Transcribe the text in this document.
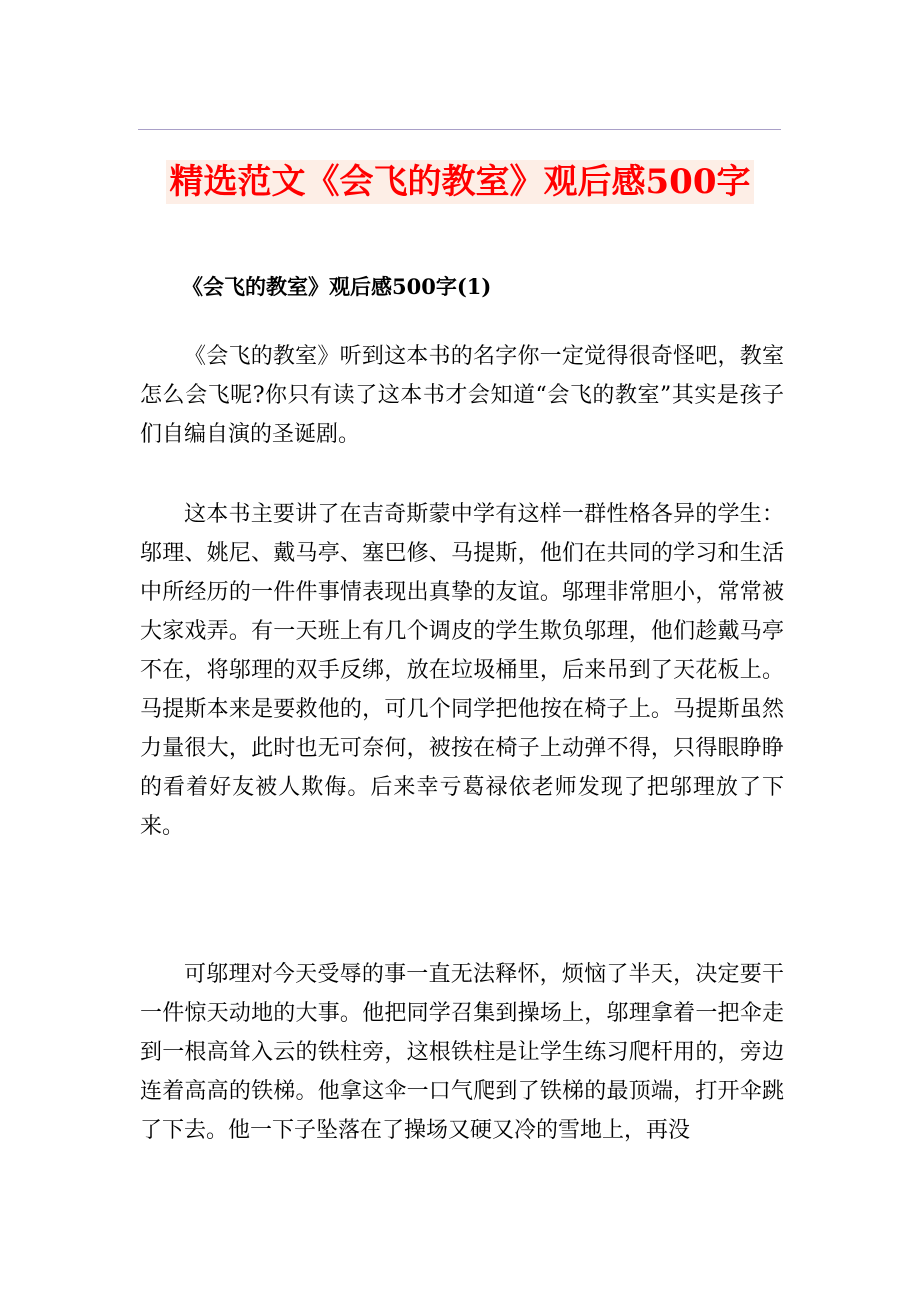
精选范文《会飞的教室》观后感500字
《会飞的教室》观后感500字(1)

《会飞的教室》听到这本书的名字你一定觉得很奇怪吧，教室怎么会飞呢?你只有读了这本书才会知道“会飞的教室”其实是孩子们自编自演的圣诞剧。

这本书主要讲了在吉奇斯蒙中学有这样一群性格各异的学生：邬理、姚尼、戴马亭、塞巴修、马提斯，他们在共同的学习和生活中所经历的一件件事情表现出真挚的友谊。邬理非常胆小，常常被大家戏弄。有一天班上有几个调皮的学生欺负邬理，他们趁戴马亭不在，将邬理的双手反绑，放在垃圾桶里，后来吊到了天花板上。马提斯本来是要救他的，可几个同学把他按在椅子上。马提斯虽然力量很大，此时也无可奈何，被按在椅子上动弹不得，只得眼睁睁的看着好友被人欺侮。后来幸亏葛禄依老师发现了把邬理放了下来。

可邬理对今天受辱的事一直无法释怀，烦恼了半天，决定要干一件惊天动地的大事。他把同学召集到操场上，邬理拿着一把伞走到一根高耸入云的铁柱旁，这根铁柱是让学生练习爬杆用的，旁边连着高高的铁梯。他拿这伞一口气爬到了铁梯的最顶端，打开伞跳了下去。他一下子坠落在了操场又硬又冷的雪地上，再没
